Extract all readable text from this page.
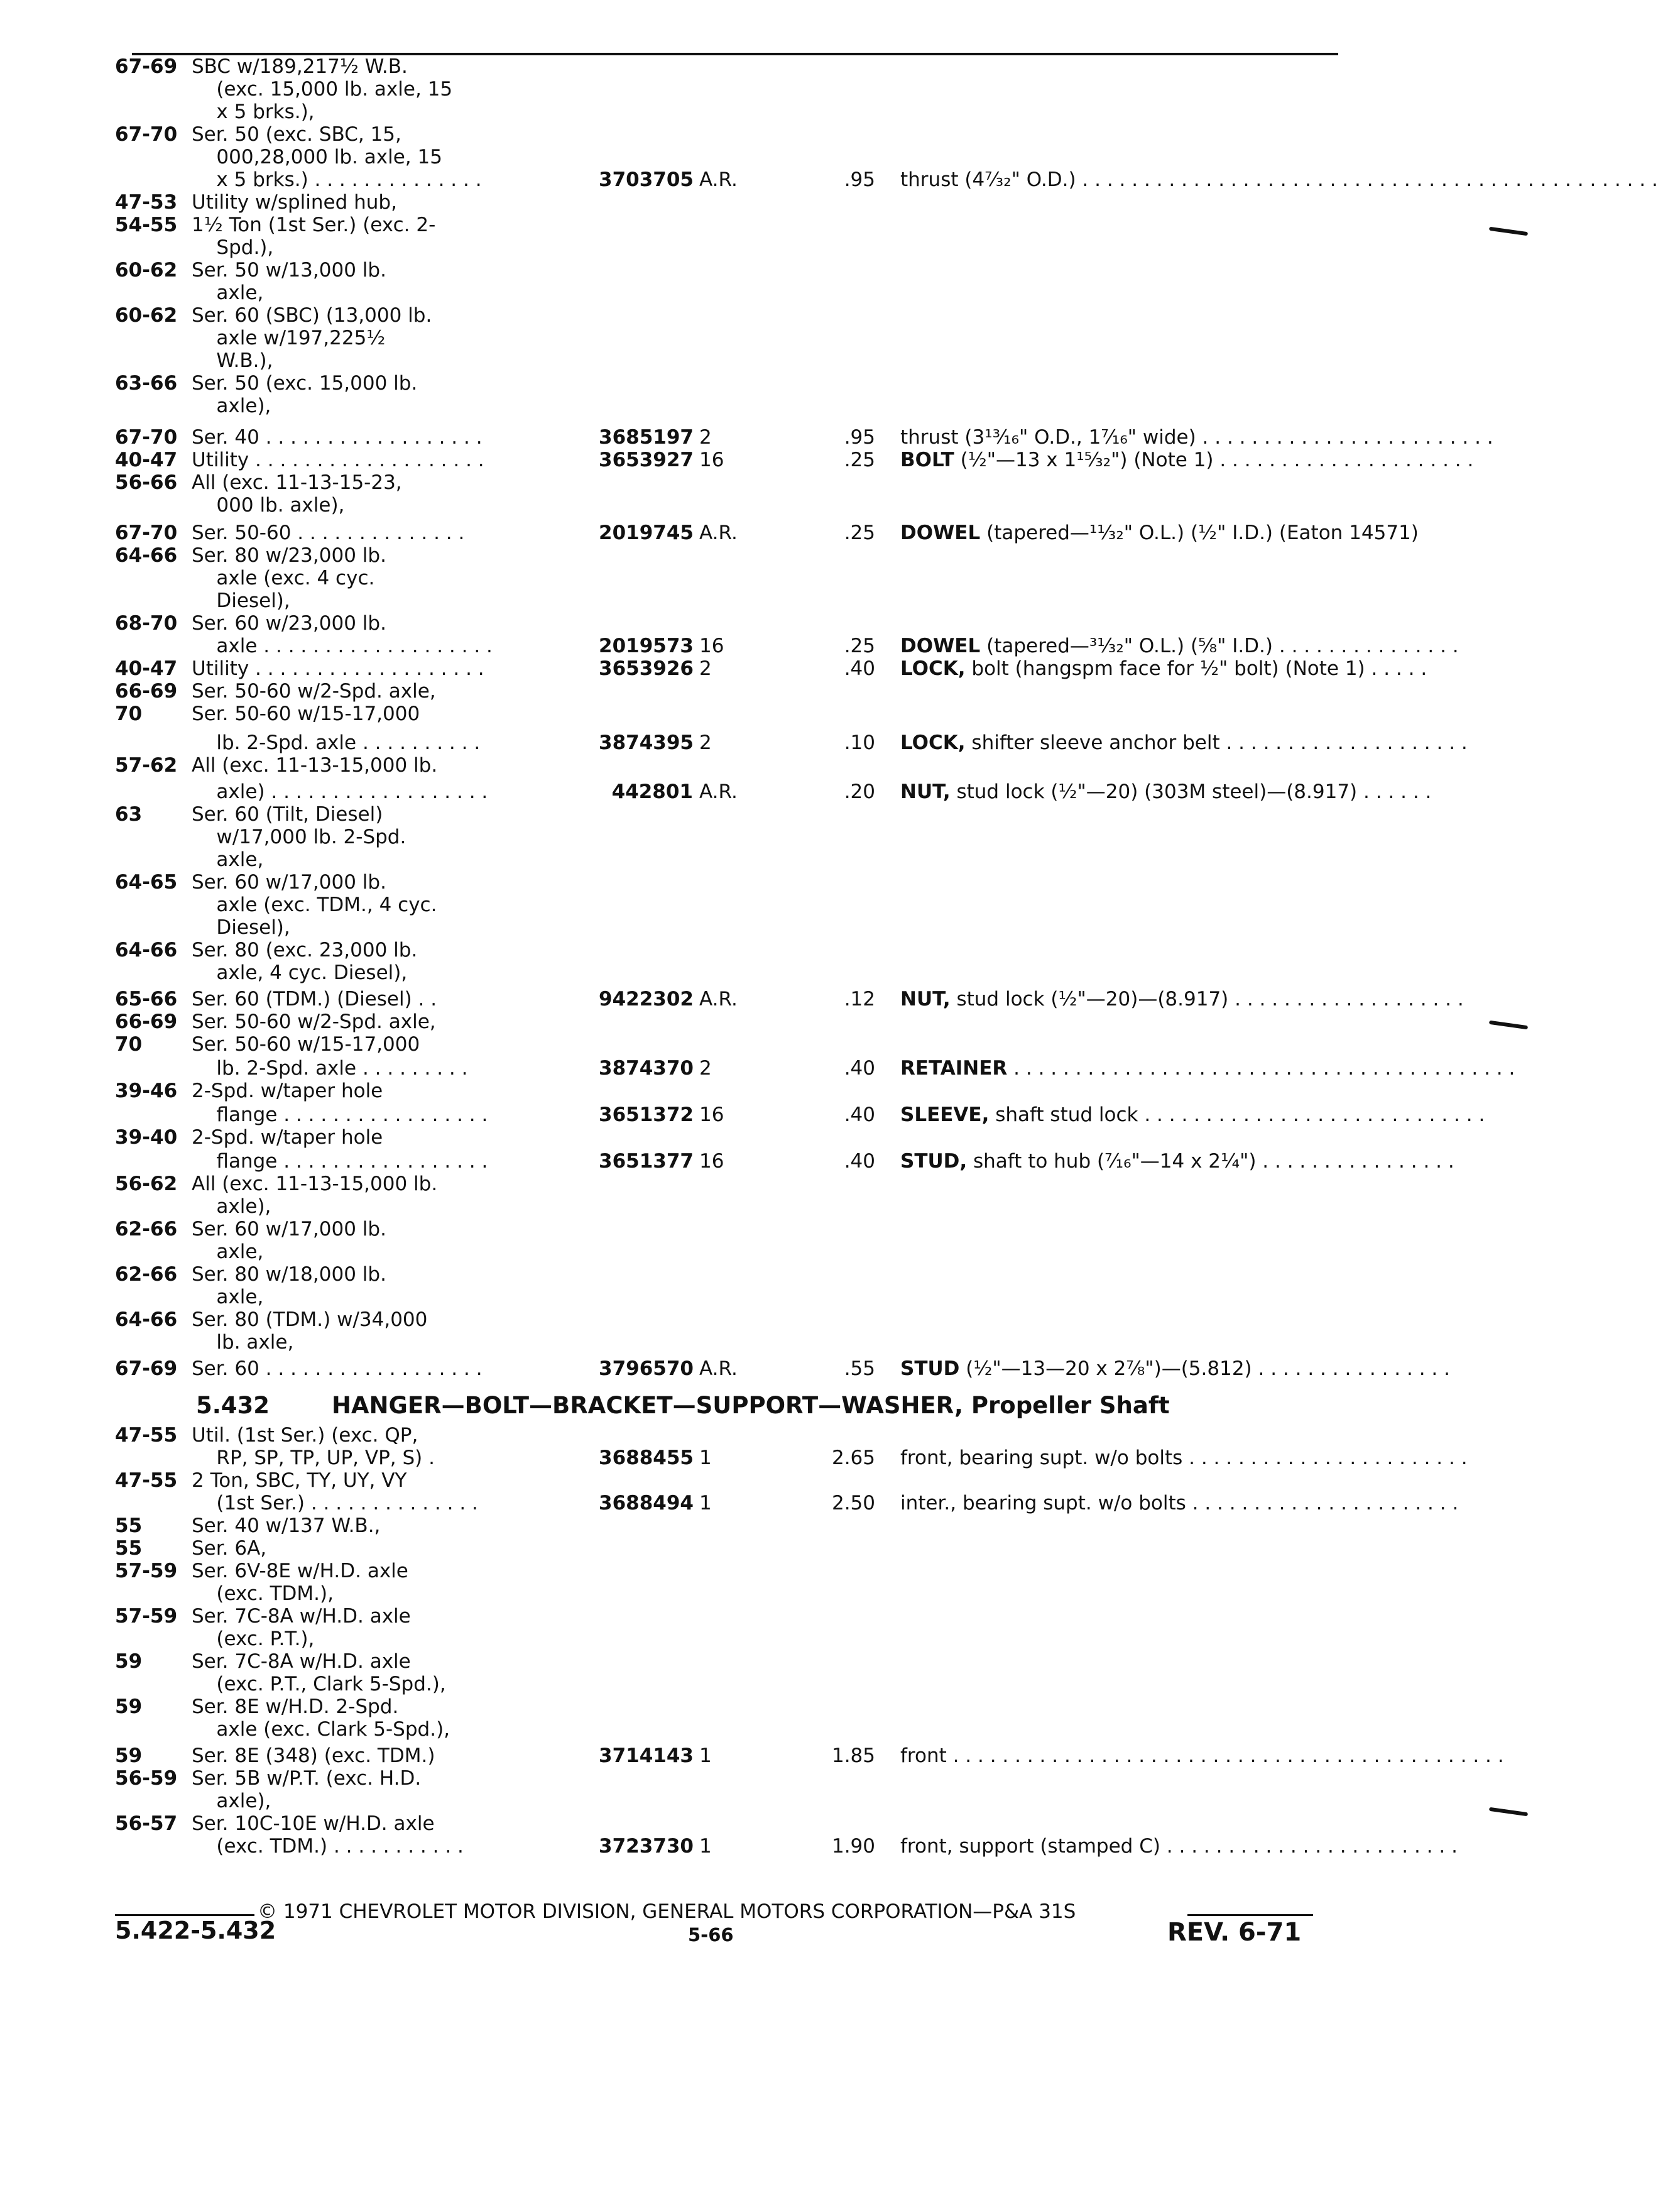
67-69 SBC w/189,217½ W.B.
(exc. 15,000 lb. axle, 15
x 5 brks.),
67-70 Ser. 50 (exc. SBC, 15,
000,28,000 lb. axle, 15
x 5 brks.) . . . . . . . . . . . . . .	3703705 A.R.	.95 thrust (4⁷⁄₃₂" O.D.) . . . . . . . . . . . . . . . . . . . . . . . . . . . . . . . . . . . . . . . . . . . . . . .
47-53 Utility w/splined hub,
54-55 1½ Ton (1st Ser.) (exc. 2-
Spd.),
60-62 Ser. 50 w/13,000 lb.
axle,
60-62 Ser. 60 (SBC) (13,000 lb.
axle w/197,225½
W.B.),
63-66 Ser. 50 (exc. 15,000 lb.
axle),
67-70 Ser. 40 . . . . . . . . . . . . . . . . . .	3685197 2	.95 thrust (3¹³⁄₁₆" O.D., 1⁷⁄₁₆" wide) . . . . . . . . . . . . . . . . . . . . . . . .
40-47 Utility . . . . . . . . . . . . . . . . . . .	3653927 16	.25 BOLT (½"—13 x 1¹⁵⁄₃₂") (Note 1) . . . . . . . . . . . . . . . . . . . . .
56-66 All (exc. 11-13-15-23,
000 lb. axle),
67-70 Ser. 50-60 . . . . . . . . . . . . . .	2019745 A.R.	.25 DOWEL (tapered—¹¹⁄₃₂" O.L.) (½" I.D.) (Eaton 14571)
64-66 Ser. 80 w/23,000 lb.
axle (exc. 4 cyc.
Diesel),
68-70 Ser. 60 w/23,000 lb.
axle . . . . . . . . . . . . . . . . . . .	2019573 16	.25 DOWEL (tapered—³¹⁄₃₂" O.L.) (⁵⁄₈" I.D.) . . . . . . . . . . . . . . .
40-47 Utility . . . . . . . . . . . . . . . . . . .	3653926 2	.40 LOCK, bolt (hangspm face for ½" bolt) (Note 1) . . . . .
66-69 Ser. 50-60 w/2-Spd. axle,
70	Ser. 50-60 w/15-17,000
lb. 2-Spd. axle . . . . . . . . . .	3874395 2	.10 LOCK, shifter sleeve anchor belt . . . . . . . . . . . . . . . . . . . .
57-62 All (exc. 11-13-15,000 lb.
axle) . . . . . . . . . . . . . . . . . .	442801 A.R.	.20 NUT, stud lock (½"—20) (303M steel)—(8.917) . . . . . .
63	Ser. 60 (Tilt, Diesel)
w/17,000 lb. 2-Spd.
axle,
64-65 Ser. 60 w/17,000 lb.
axle (exc. TDM., 4 cyc.
Diesel),
64-66 Ser. 80 (exc. 23,000 lb.
axle, 4 cyc. Diesel),
65-66 Ser. 60 (TDM.) (Diesel) . .	9422302 A.R.	.12 NUT, stud lock (½"—20)—(8.917) . . . . . . . . . . . . . . . . . . .
66-69 Ser. 50-60 w/2-Spd. axle,
70	Ser. 50-60 w/15-17,000
lb. 2-Spd. axle . . . . . . . . .	3874370 2	.40 RETAINER . . . . . . . . . . . . . . . . . . . . . . . . . . . . . . . . . . . . . . . . .
39-46 2-Spd. w/taper hole
flange . . . . . . . . . . . . . . . . .	3651372 16	.40 SLEEVE, shaft stud lock . . . . . . . . . . . . . . . . . . . . . . . . . . . .
39-40 2-Spd. w/taper hole
flange . . . . . . . . . . . . . . . . .	3651377 16	.40 STUD, shaft to hub (⁷⁄₁₆"—14 x 2¼") . . . . . . . . . . . . . . . .
56-62 All (exc. 11-13-15,000 lb.
axle),
62-66 Ser. 60 w/17,000 lb.
axle,
62-66 Ser. 80 w/18,000 lb.
axle,
64-66 Ser. 80 (TDM.) w/34,000
lb. axle,
67-69 Ser. 60 . . . . . . . . . . . . . . . . . .	3796570 A.R.	.55 STUD (½"—13—20 x 2⁷⁄₈")—(5.812) . . . . . . . . . . . . . . . .
47-55 Util. (1st Ser.) (exc. QP,
RP, SP, TP, UP, VP, S) .	3688455 1	2.65 front, bearing supt. w/o bolts . . . . . . . . . . . . . . . . . . . . . . .
47-55 2 Ton, SBC, TY, UY, VY
(1st Ser.) . . . . . . . . . . . . . .	3688494 1	2.50 inter., bearing supt. w/o bolts . . . . . . . . . . . . . . . . . . . . . .
55	Ser. 40 w/137 W.B.,
55	Ser. 6A,
57-59 Ser. 6V-8E w/H.D. axle
(exc. TDM.),
57-59 Ser. 7C-8A w/H.D. axle
(exc. P.T.),
59	Ser. 7C-8A w/H.D. axle
(exc. P.T., Clark 5-Spd.),
59	Ser. 8E w/H.D. 2-Spd.
axle (exc. Clark 5-Spd.),
59	Ser. 8E (348) (exc. TDM.)	3714143 1	1.85 front . . . . . . . . . . . . . . . . . . . . . . . . . . . . . . . . . . . . . . . . . . . . .
56-59 Ser. 5B w/P.T. (exc. H.D.
axle),
56-57 Ser. 10C-10E w/H.D. axle
(exc. TDM.) . . . . . . . . . . .	3723730 1	1.90 front, support (stamped C) . . . . . . . . . . . . . . . . . . . . . . . .
5.432	HANGER—BOLT—BRACKET—SUPPORT—WASHER, Propeller Shaft
© 1971 CHEVROLET MOTOR DIVISION, GENERAL MOTORS CORPORATION—P&A 31S
5.422-5.432	5-66	REV. 6-71
